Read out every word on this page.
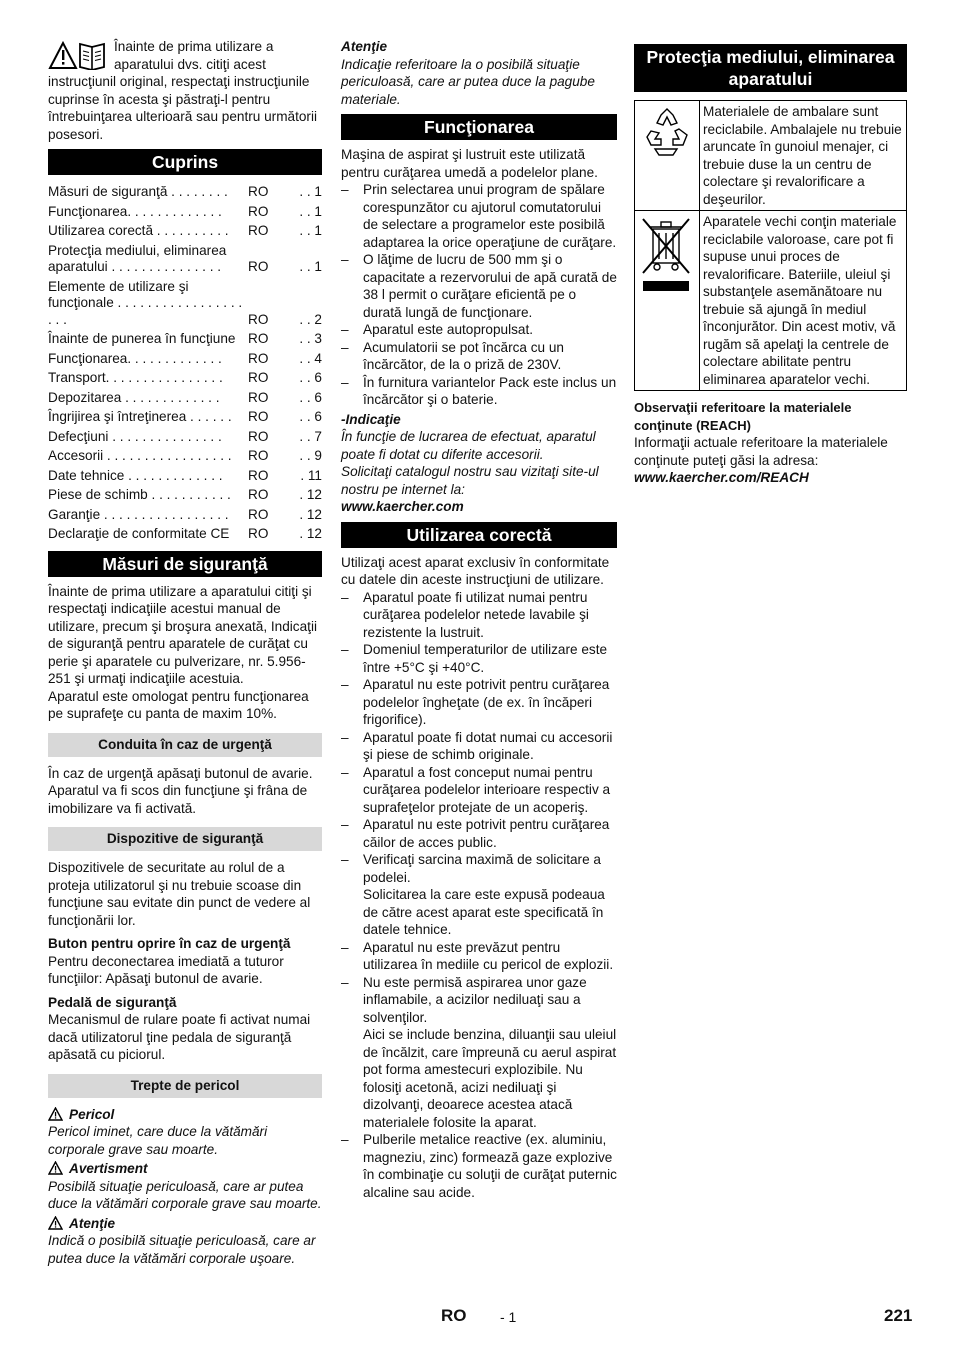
Înainte de prima utilizare a aparatului dvs. citiţi acest instrucţiunil original, respectaţi instrucţiunile cuprinse în acesta şi păstraţi-l pentru întrebuinţarea ulterioară sau pentru următorii posesori.

Cuprins
Măsuri de siguranţă . . . . . . . .	RO	. . 1
Funcţionarea. . . . . . . . . . . . .	RO	. . 1
Utilizarea corectă . . . . . . . . . .	RO	. . 1
Protecţia mediului, eliminarea aparatului . . . . . . . . . . . . . . .	RO	. . 1
Elemente de utilizare şi funcţionale . . . . . . . . . . . . . . . . . . . .	RO	. . 2
Înainte de punerea în funcţiune	RO	. . 3
Funcţionarea. . . . . . . . . . . . .	RO	. . 4
Transport. . . . . . . . . . . . . . . .	RO	. . 6
Depozitarea . . . . . . . . . . . . .	RO	. . 6
Îngrijirea şi întreţinerea . . . . . .	RO	. . 6
Defecţiuni . . . . . . . . . . . . . . .	RO	. . 7
Accesorii . . . . . . . . . . . . . . . . .	RO	. . 9
Date tehnice . . . . . . . . . . . . .	RO	. 11
Piese de schimb . . . . . . . . . . .	RO	. 12
Garanţie . . . . . . . . . . . . . . . . .	RO	. 12
Declaraţie de conformitate CE	RO	. 12
Măsuri de siguranţă

Înainte de prima utilizare a aparatului citiţi şi respectaţi indicaţiile acestui manual de utilizare, precum şi broşura anexată, Indicaţii de siguranţă pentru aparatele de curăţat cu perie şi aparatele cu pulverizare, nr. 5.956-251 şi urmaţi indicaţiile acestuia.

Aparatul este omologat pentru funcţionarea pe suprafeţe cu panta de maxim 10%.

Conduita în caz de urgenţă

În caz de urgenţă apăsaţi butonul de avarie. Aparatul va fi scos din funcţiune şi frâna de imobilizare va fi activată.

Dispozitive de siguranţă

Dispozitivele de securitate au rolul de a proteja utilizatorul şi nu trebuie scoase din funcţiune sau evitate din punct de vedere al funcţionării lor.

Buton pentru oprire în caz de urgenţă

Pentru deconectarea imediată a tuturor funcţiilor: Apăsaţi butonul de avarie.

Pedală de siguranţă

Mecanismul de rulare poate fi activat numai dacă utilizatorul ţine pedala de siguranţă apăsată cu piciorul.

Trepte de pericol

Pericol

Pericol iminet, care duce la vătămări corporale grave sau moarte.

Avertisment

Posibilă situaţie periculoasă, care ar putea duce la vătămări corporale grave sau moarte.

Atenţie

Indică o posibilă situaţie periculoasă, care ar putea duce la vătămări corporale uşoare.

Atenţie

Indicaţie referitoare la o posibilă situaţie periculoasă, care ar putea duce la pagube materiale.

Funcţionarea

Maşina de aspirat şi lustruit este utilizată pentru curăţarea umedă a podelelor plane.

– Prin selectarea unui program de spălare corespunzător cu ajutorul comutatorului de selectare a programelor este posibilă adaptarea la orice operaţiune de curăţare.
– O lăţime de lucru de 500 mm şi o capacitate a rezervorului de apă curată de 38 l permit o curăţare eficientă pe o durată lungă de funcţionare.
– Aparatul este autopropulsat.
– Acumulatorii se pot încărca cu un încărcător, de la o priză de 230V.
– În furnitura variantelor Pack este inclus un încărcător şi o baterie.

-Indicaţie

În funcţie de lucrarea de efectuat, aparatul poate fi dotat cu diferite accesorii.

Solicitaţi catalogul nostru sau vizitaţi site-ul nostru pe internet la:

www.kaercher.com

Utilizarea corectă

Utilizaţi acest aparat exclusiv în conformitate cu datele din aceste instrucţiuni de utilizare.

– Aparatul poate fi utilizat numai pentru curăţarea podelelor netede lavabile şi rezistente la lustruit.
– Domeniul temperaturilor de utilizare este între +5°C şi +40°C.
– Aparatul nu este potrivit pentru curăţarea podelelor îngheţate (de ex. în încăperi frigorifice).
– Aparatul poate fi dotat numai cu accesorii şi piese de schimb originale.
– Aparatul a fost conceput numai pentru curăţarea podelelor interioare respectiv a suprafeţelor protejate de un acoperiş.
– Aparatul nu este potrivit pentru curăţarea căilor de acces public.
– Verificaţi sarcina maximă de solicitare a podelei.
Solicitarea la care este expusă podeaua de către acest aparat este specificată în datele tehnice.
– Aparatul nu este prevăzut pentru utilizarea în mediile cu pericol de explozii.
– Nu este permisă aspirarea unor gaze inflamabile, a acizilor nediluaţi sau a solvenţilor.
Aici se include benzina, diluanţii sau uleiul de încălzit, care împreună cu aerul aspirat pot forma amestecuri explozibile. Nu folosiţi acetonă, acizi nediluaţi şi dizolvanţi, deoarece acestea atacă materialele folosite la aparat.
– Pulberile metalice reactive (ex. aluminiu, magneziu, zinc) formează gaze explozive în combinaţie cu soluţii de curăţat puternic alcaline sau acide.
Protecţia mediului, eliminarea aparatului
	Materialele de ambalare sunt reciclabile. Ambalajele nu trebuie aruncate în gunoiul menajer, ci trebuie duse la un centru de colectare şi revalorificare a deşeurilor.
	Aparatele vechi conţin materiale reciclabile valoroase, care pot fi supuse unui proces de revalorificare. Bateriile, uleiul şi substanţele asemănătoare nu trebuie să ajungă în mediul înconjurător. Din acest motiv, vă rugăm să apelaţi la centrele de colectare abilitate pentru eliminarea aparatelor vechi.

Observaţii referitoare la materialele conţinute (REACH)

Informaţii actuale referitoare la materialele conţinute puteţi găsi la adresa:

www.kaercher.com/REACH

RO - 1	221
